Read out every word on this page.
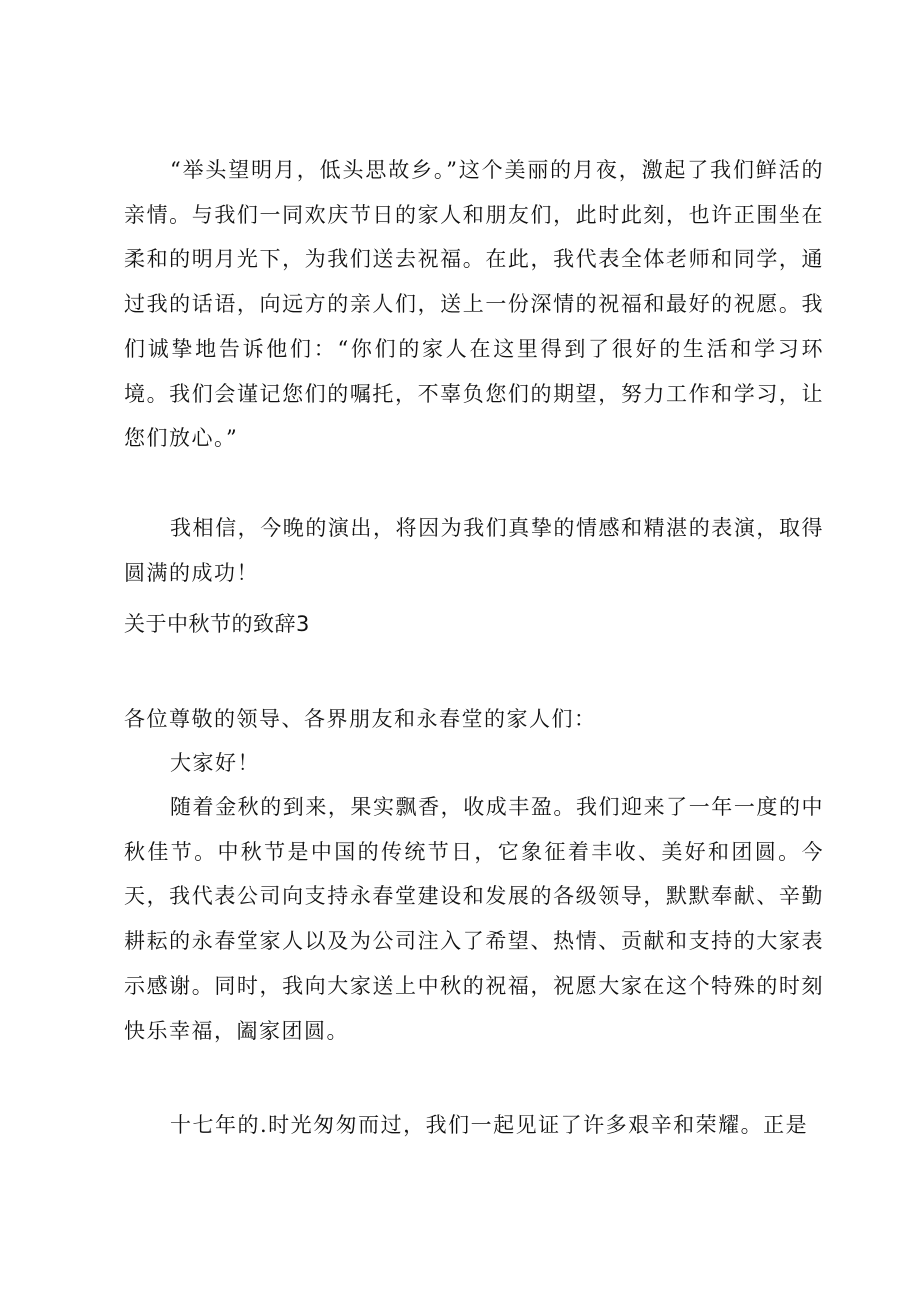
“举头望明月，低头思故乡。”这个美丽的月夜，激起了我们鲜活的亲情。与我们一同欢庆节日的家人和朋友们，此时此刻，也许正围坐在柔和的明月光下，为我们送去祝福。在此，我代表全体老师和同学，通过我的话语，向远方的亲人们，送上一份深情的祝福和最好的祝愿。我们诚挚地告诉他们：“你们的家人在这里得到了很好的生活和学习环境。我们会谨记您们的嘱托，不辜负您们的期望，努力工作和学习，让您们放心。”

我相信，今晚的演出，将因为我们真挚的情感和精湛的表演，取得圆满的成功！

关于中秋节的致辞3

各位尊敬的领导、各界朋友和永春堂的家人们：

大家好！

随着金秋的到来，果实飘香，收成丰盈。我们迎来了一年一度的中秋佳节。中秋节是中国的传统节日，它象征着丰收、美好和团圆。今天，我代表公司向支持永春堂建设和发展的各级领导，默默奉献、辛勤耕耘的永春堂家人以及为公司注入了希望、热情、贡献和支持的大家表示感谢。同时，我向大家送上中秋的祝福，祝愿大家在这个特殊的时刻快乐幸福，阖家团圆。

十七年的.时光匆匆而过，我们一起见证了许多艰辛和荣耀。正是
